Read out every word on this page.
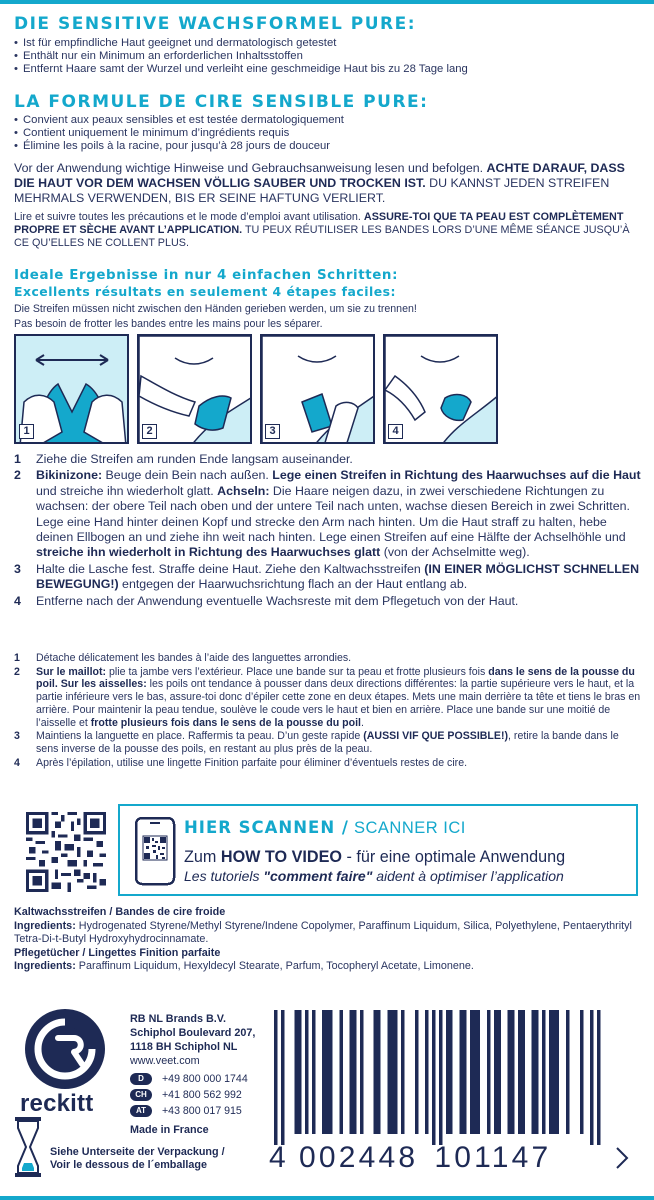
DIE SENSITIVE WACHSFORMEL PURE:
• Ist für empfindliche Haut geeignet und dermatologisch getestet
• Enthält nur ein Minimum an erforderlichen Inhaltsstoffen
• Entfernt Haare samt der Wurzel und verleiht eine geschmeidige Haut bis zu 28 Tage lang
LA FORMULE DE CIRE SENSIBLE PURE:
• Convient aux peaux sensibles et est testée dermatologiquement
• Contient uniquement le minimum d’ingrédients requis
• Élimine les poils à la racine, pour jusqu’à 28 jours de douceur
Vor der Anwendung wichtige Hinweise und Gebrauchsanweisung lesen und befolgen. ACHTE DARAUF, DASS DIE HAUT VOR DEM WACHSEN VÖLLIG SAUBER UND TROCKEN IST. DU KANNST JEDEN STREIFEN MEHRMALS VERWENDEN, BIS ER SEINE HAFTUNG VERLIERT.
Lire et suivre toutes les précautions et le mode d’emploi avant utilisation. ASSURE-TOI QUE TA PEAU EST COMPLÈTEMENT PROPRE ET SÈCHE AVANT L’APPLICATION. TU PEUX RÉUTILISER LES BANDES LORS D’UNE MÊME SÉANCE JUSQU’À CE QU’ELLES NE COLLENT PLUS.
Ideale Ergebnisse in nur 4 einfachen Schritten:
Excellents résultats en seulement 4 étapes faciles:
Die Streifen müssen nicht zwischen den Händen gerieben werden, um sie zu trennen!
Pas besoin de frotter les bandes entre les mains pour les séparer.
1	2	3	4
1 Ziehe die Streifen am runden Ende langsam auseinander.
2 Bikinizone: Beuge dein Bein nach außen. Lege einen Streifen in Richtung des Haarwuchses auf die Haut und streiche ihn wiederholt glatt. Achseln: Die Haare neigen dazu, in zwei verschiedene Richtungen zu wachsen: der obere Teil nach oben und der untere Teil nach unten, wachse diesen Bereich in zwei Schritten. Lege eine Hand hinter deinen Kopf und strecke den Arm nach hinten. Um die Haut straff zu halten, hebe deinen Ellbogen an und ziehe ihn weit nach hinten. Lege einen Streifen auf eine Hälfte der Achselhöhle und streiche ihn wiederholt in Richtung des Haarwuchses glatt (von der Achselmitte weg).
3 Halte die Lasche fest. Straffe deine Haut. Ziehe den Kaltwachsstreifen (IN EINER MÖGLICHST SCHNELLEN BEWEGUNG!) entgegen der Haarwuchsrichtung flach an der Haut entlang ab.
4 Entferne nach der Anwendung eventuelle Wachsreste mit dem Pflegetuch von der Haut.
1 Détache délicatement les bandes à l’aide des languettes arrondies.
2 Sur le maillot: plie ta jambe vers l’extérieur. Place une bande sur ta peau et frotte plusieurs fois dans le sens de la pousse du poil. Sur les aisselles: les poils ont tendance à pousser dans deux directions différentes: la partie supérieure vers le haut, et la partie inférieure vers le bas, assure-toi donc d’épiler cette zone en deux étapes. Mets une main derrière ta tête et tiens le bras en arrière. Pour maintenir la peau tendue, soulève le coude vers le haut et bien en arrière. Place une bande sur une moitié de l’aisselle et frotte plusieurs fois dans le sens de la pousse du poil.
3 Maintiens la languette en place. Raffermis ta peau. D’un geste rapide (AUSSI VIF QUE POSSIBLE!), retire la bande dans le sens inverse de la pousse des poils, en restant au plus près de la peau.
4 Après l’épilation, utilise une lingette Finition parfaite pour éliminer d’éventuels restes de cire.
HIER SCANNEN / SCANNER ICI
Zum HOW TO VIDEO - für eine optimale Anwendung
Les tutoriels "comment faire" aident à optimiser l’application
Kaltwachsstreifen / Bandes de cire froide
Ingredients: Hydrogenated Styrene/Methyl Styrene/Indene Copolymer, Paraffinum Liquidum, Silica, Polyethylene, Pentaerythrityl Tetra-Di-t-Butyl Hydroxyhydrocinnamate.
Pflegetücher / Lingettes Finition parfaite
Ingredients: Paraffinum Liquidum, Hexyldecyl Stearate, Parfum, Tocopheryl Acetate, Limonene.
reckitt
RB NL Brands B.V.
Schiphol Boulevard 207,
1118 BH Schiphol NL
www.veet.com
D +49 800 000 1744
CH +41 800 562 992
AT +43 800 017 915
Made in France
Siehe Unterseite der Verpackung /
Voir le dessous de l´emballage	4 002448 101147
